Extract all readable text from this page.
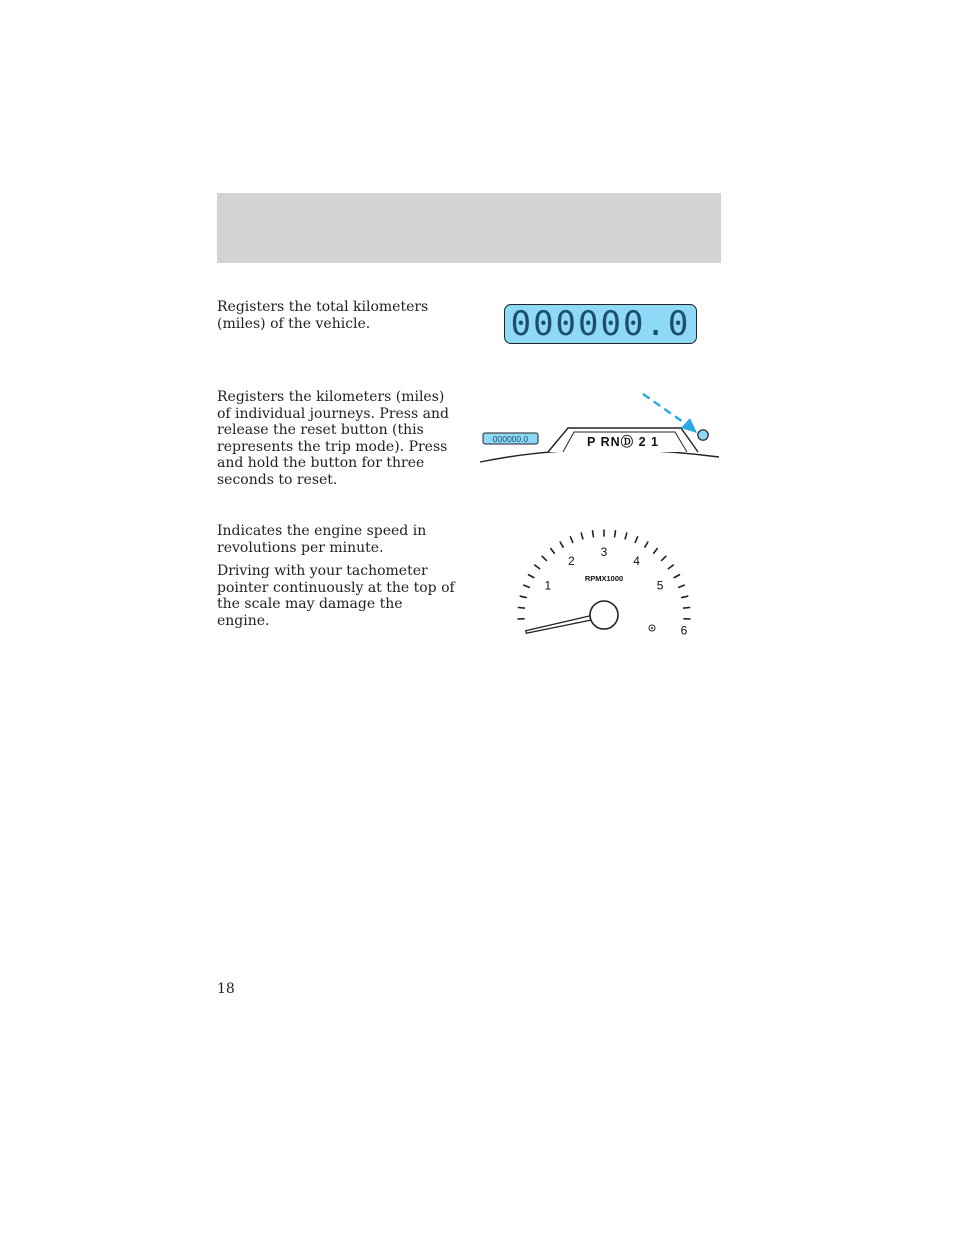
Registers the total kilometers (miles) of the vehicle.	000000.0

Registers the kilometers (miles) of individual journeys. Press and release the reset button (this represents the trip mode). Press and hold the button for three seconds to reset.

000000.0	P RNⒹ 2 1

Indicates the engine speed in revolutions per minute.

Driving with your tachometer pointer continuously at the top of the scale may damage the engine.

1
2
3
4
5
6
RPMX1000
18
